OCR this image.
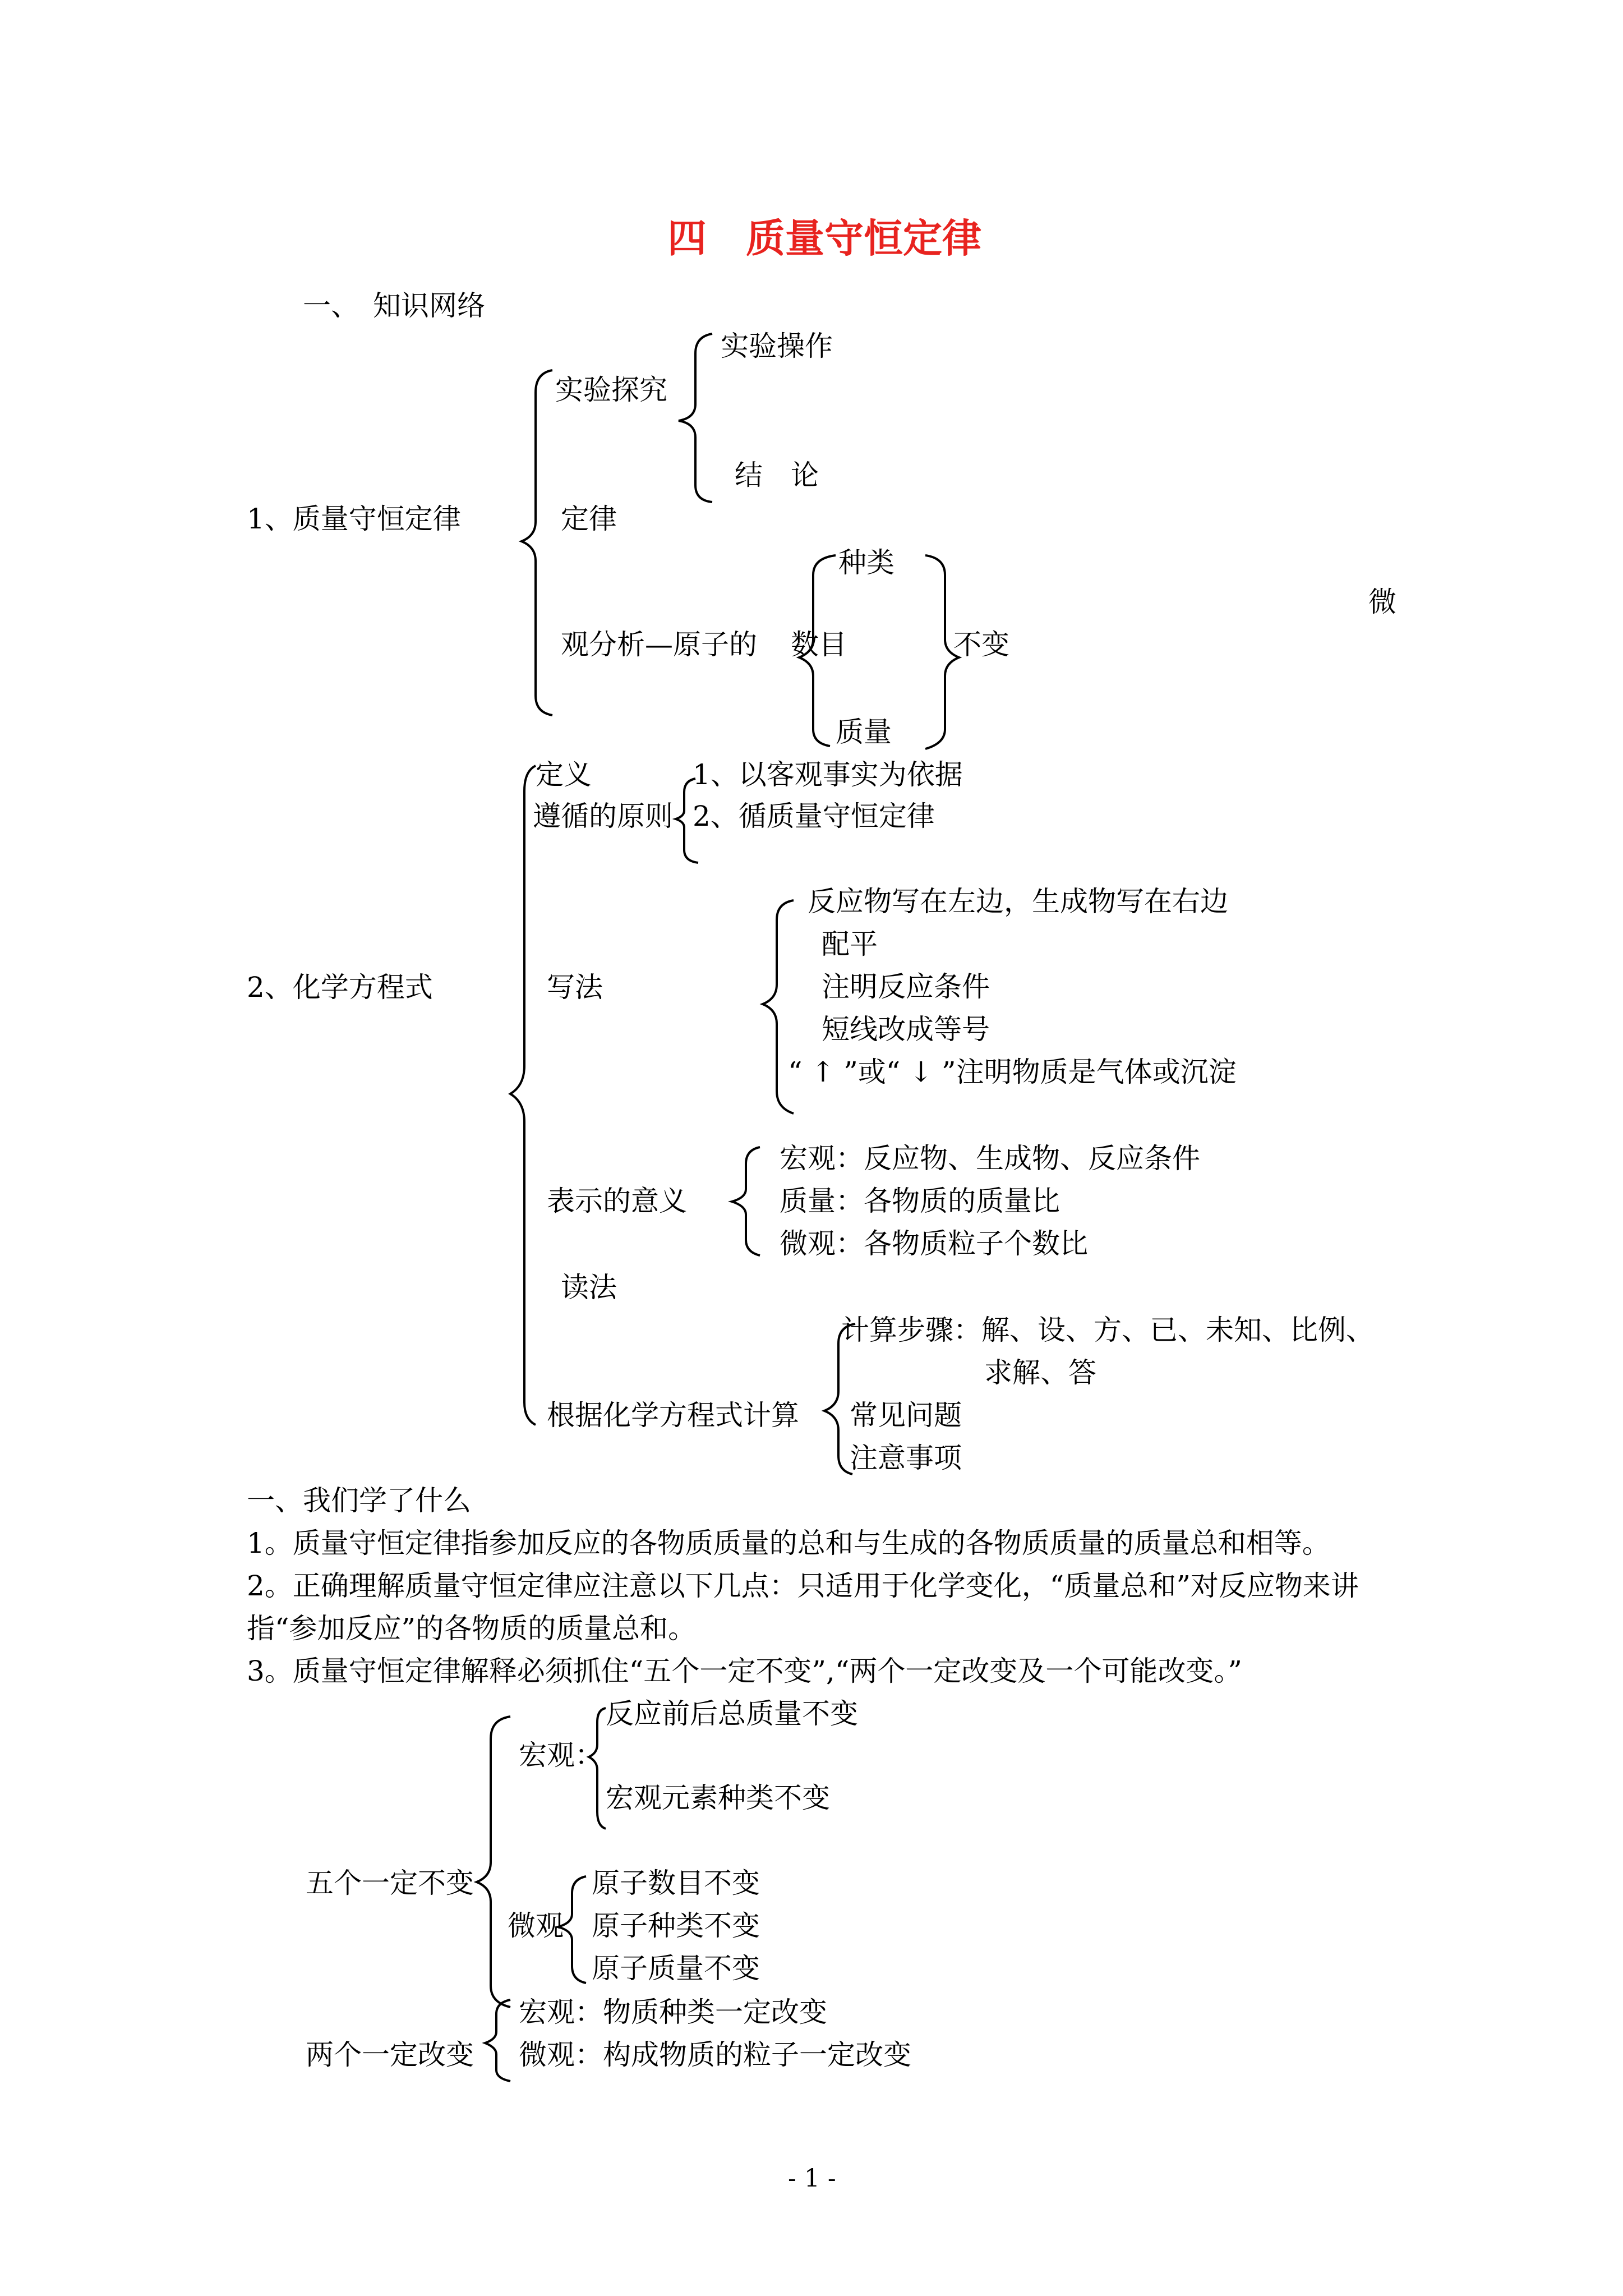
四　质量守恒定律
一、　知识网络
1、质量守恒定律
实验探究
实验操作
结　论
定律
观分析—原子的
种类
数目
质量
不变
微
2、化学方程式
定义
遵循的原则
1、以客观事实为依据
2、循质量守恒定律
写法
反应物写在左边，生成物写在右边
配平
注明反应条件
短线改成等号
“ ↑ ”或“ ↓ ”注明物质是气体或沉淀
表示的意义
宏观：反应物、生成物、反应条件
质量：各物质的质量比
微观：各物质粒子个数比
读法
根据化学方程式计算
计算步骤：解、设、方、已、未知、比例、
求解、答
常见问题
注意事项
一、我们学了什么
1。质量守恒定律指参加反应的各物质质量的总和与生成的各物质质量的质量总和相等。
2。正确理解质量守恒定律应注意以下几点：只适用于化学变化，“质量总和”对反应物来讲
指“参加反应”的各物质的质量总和。
3。质量守恒定律解释必须抓住“五个一定不变”,“两个一定改变及一个可能改变。”
五个一定不变
宏观：
反应前后总质量不变
宏观元素种类不变
微观
原子数目不变
原子种类不变
原子质量不变
两个一定改变
宏观：物质种类一定改变
微观：构成物质的粒子一定改变
- 1 -
